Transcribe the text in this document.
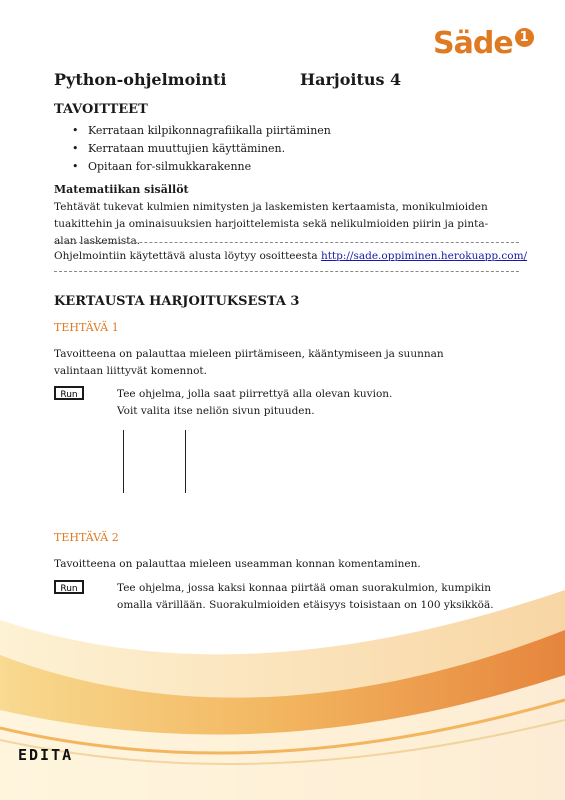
Säde 1
Python-ohjelmointi	Harjoitus 4
TAVOITTEET
• Kerrataan kilpikonnagrafiikalla piirtäminen
• Kerrataan muuttujien käyttäminen.
• Opitaan for-silmukkarakenne
Matematiikan sisällöt
Tehtävät tukevat kulmien nimitysten ja laskemisten kertaamista, monikulmioiden tuakittehin ja ominaisuuksien harjoittelemista sekä nelikulmioiden piirin ja pinta-alan laskemista.
Ohjelmointiin käytettävä alusta löytyy osoitteesta http://sade.oppiminen.herokuapp.com/
KERTAUSTA HARJOITUKSESTA 3
TEHTÄVÄ 1
Tavoitteena on palauttaa mieleen piirtämiseen, kääntymiseen ja suunnan valintaan liittyvät komennot.
Run	Tee ohjelma, jolla saat piirrettyä alla olevan kuvion.
Voit valita itse neliön sivun pituuden.
TEHTÄVÄ 2
Tavoitteena on palauttaa mieleen useamman konnan komentaminen.
Run	Tee ohjelma, jossa kaksi konnaa piirtää oman suorakulmion, kumpikin omalla värillään. Suorakulmioiden etäisyys toisistaan on 100 yksikköä.
EDITA
